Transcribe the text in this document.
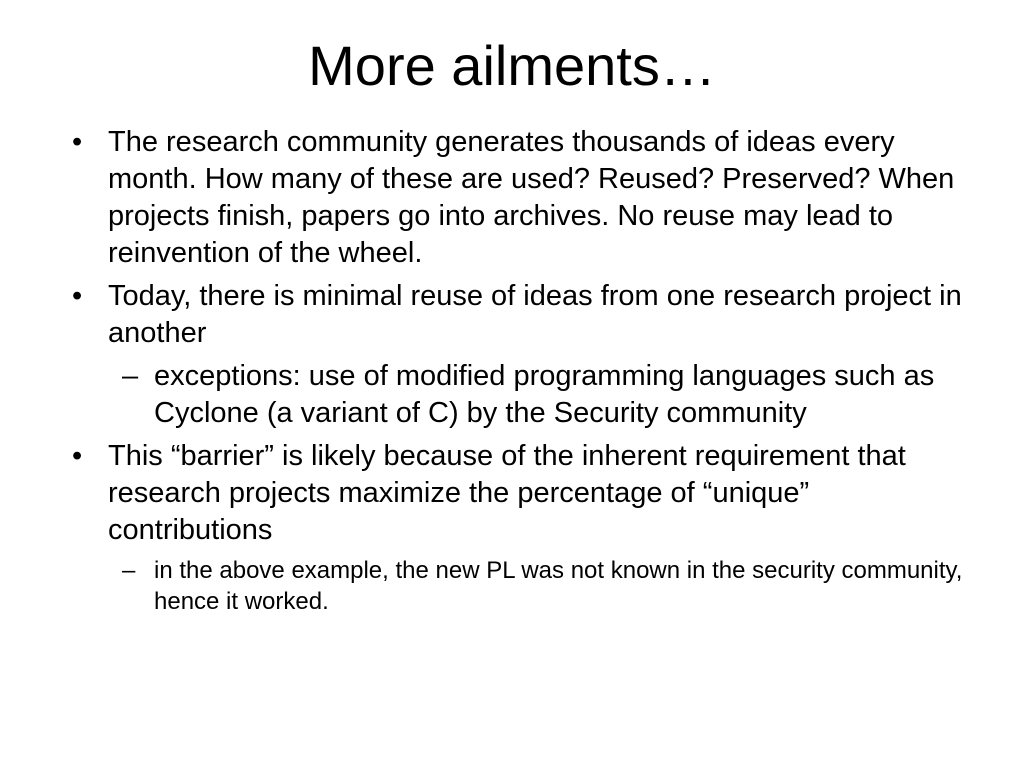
More ailments…

• The research community generates thousands of ideas every month. How many of these are used? Reused? Preserved? When projects finish, papers go into archives. No reuse may lead to reinvention of the wheel.

• Today, there is minimal reuse of ideas from one research project in another

– exceptions: use of modified programming languages such as Cyclone (a variant of C) by the Security community

• This “barrier” is likely because of the inherent requirement that research projects maximize the percentage of “unique” contributions

– in the above example, the new PL was not known in the security community, hence it worked.
